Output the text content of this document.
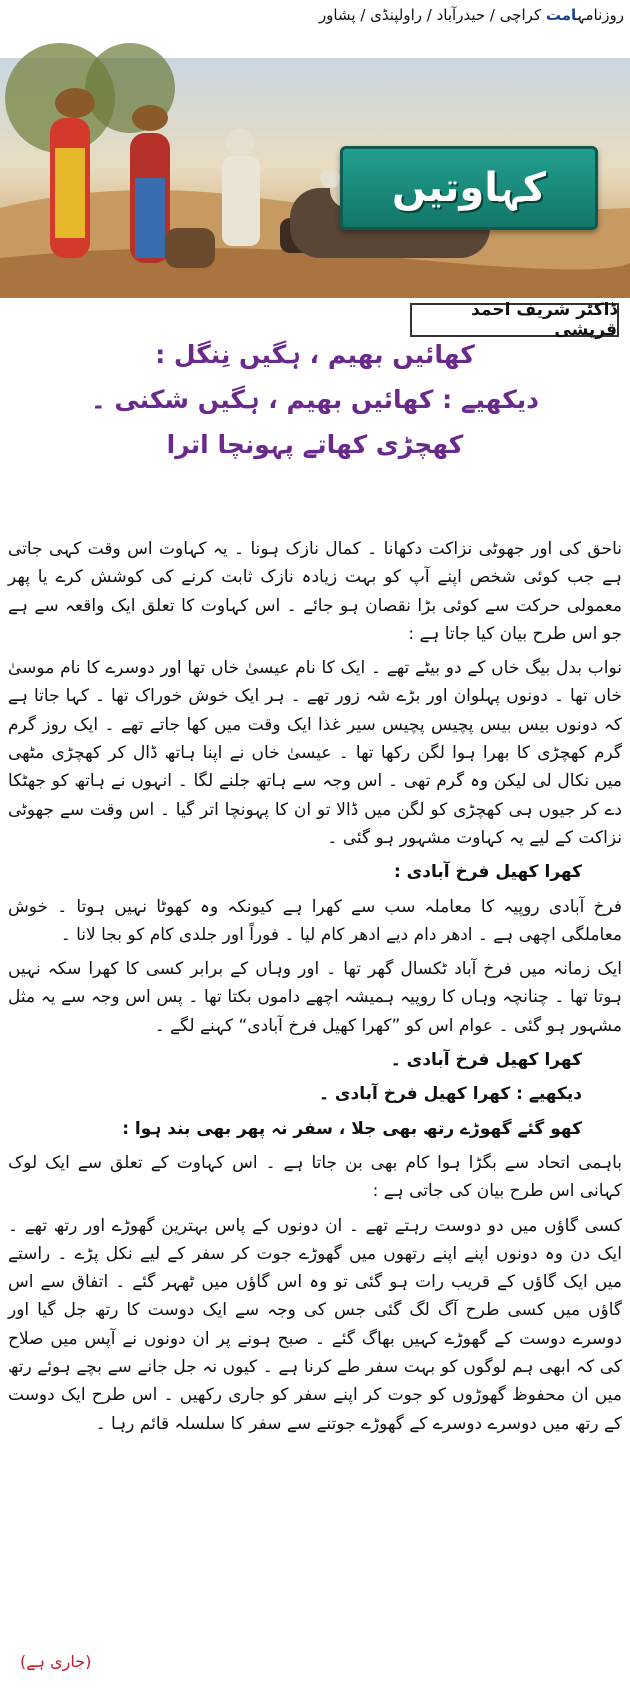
روزنامہامت کراچی / حیدرآباد / راولپنڈی / پشاور
کہاوتیں
ڈاکٹر شریف احمد قریشی
کھائیں بھیم ، ہگیں نِنگل :
دیکھیے : کھائیں بھیم ، ہگیں شکنی ۔
کھچڑی کھاتے پہونچا اترا

ناحق کی اور جھوٹی نزاکت دکھانا ۔ کمال نازک ہونا ۔ یہ کہاوت اس وقت کہی جاتی ہے جب کوئی شخص اپنے آپ کو بہت زیادہ نازک ثابت کرنے کی کوشش کرے یا پھر معمولی حرکت سے کوئی بڑا نقصان ہو جائے ۔ اس کہاوت کا تعلق ایک واقعہ سے ہے جو اس طرح بیان کیا جاتا ہے :

نواب بدل بیگ خاں کے دو بیٹے تھے ۔ ایک کا نام عیسیٰ خاں تھا اور دوسرے کا نام موسیٰ خاں تھا ۔ دونوں پہلوان اور بڑے شہ زور تھے ۔ ہر ایک خوش خوراک تھا ۔ کہا جاتا ہے کہ دونوں بیس بیس پچیس پچیس سیر غذا ایک وقت میں کھا جاتے تھے ۔ ایک روز گرم گرم کھچڑی کا بھرا ہوا لگن رکھا تھا ۔ عیسیٰ خاں نے اپنا ہاتھ ڈال کر کھچڑی مٹھی میں نکال لی لیکن وہ گرم تھی ۔ اس وجہ سے ہاتھ جلنے لگا ۔ انہوں نے ہاتھ کو جھٹکا دے کر جیوں ہی کھچڑی کو لگن میں ڈالا تو ان کا پہونچا اتر گیا ۔ اس وقت سے جھوٹی نزاکت کے لیے یہ کہاوت مشہور ہو گئی ۔

کھرا کھیل فرخ آبادی :

فرخ آبادی روپیہ کا معاملہ سب سے کھرا ہے کیونکہ وہ کھوٹا نہیں ہوتا ۔ خوش معاملگی اچھی ہے ۔ ادھر دام دیے ادھر کام لیا ۔ فوراً اور جلدی کام کو بجا لانا ۔

ایک زمانہ میں فرخ آباد ٹکسال گھر تھا ۔ اور وہاں کے برابر کسی کا کھرا سکہ نہیں ہوتا تھا ۔ چنانچہ وہاں کا روپیہ ہمیشہ اچھے داموں بکتا تھا ۔ پس اس وجہ سے یہ مثل مشہور ہو گئی ۔ عوام اس کو ”کھرا کھیل فرخ آبادی“ کہنے لگے ۔

کھرا کھیل فرخ آبادی ۔

دیکھیے : کھرا کھیل فرخ آبادی ۔

کھو گئے گھوڑے رتھ بھی جلا ، سفر نہ پھر بھی بند ہوا :

باہمی اتحاد سے بگڑا ہوا کام بھی بن جاتا ہے ۔ اس کہاوت کے تعلق سے ایک لوک کہانی اس طرح بیان کی جاتی ہے :

کسی گاؤں میں دو دوست رہتے تھے ۔ ان دونوں کے پاس بہترین گھوڑے اور رتھ تھے ۔ ایک دن وہ دونوں اپنے اپنے رتھوں میں گھوڑے جوت کر سفر کے لیے نکل پڑے ۔ راستے میں ایک گاؤں کے قریب رات ہو گئی تو وہ اس گاؤں میں ٹھہر گئے ۔ اتفاق سے اس گاؤں میں کسی طرح آگ لگ گئی جس کی وجہ سے ایک دوست کا رتھ جل گیا اور دوسرے دوست کے گھوڑے کہیں بھاگ گئے ۔ صبح ہونے پر ان دونوں نے آپس میں صلاح کی کہ ابھی ہم لوگوں کو بہت سفر طے کرنا ہے ۔ کیوں نہ جل جانے سے بچے ہوئے رتھ میں ان محفوظ گھوڑوں کو جوت کر اپنے سفر کو جاری رکھیں ۔ اس طرح ایک دوست کے رتھ میں دوسرے دوسرے کے گھوڑے جوتنے سے سفر کا سلسلہ قائم رہا ۔

(جاری ہے)
